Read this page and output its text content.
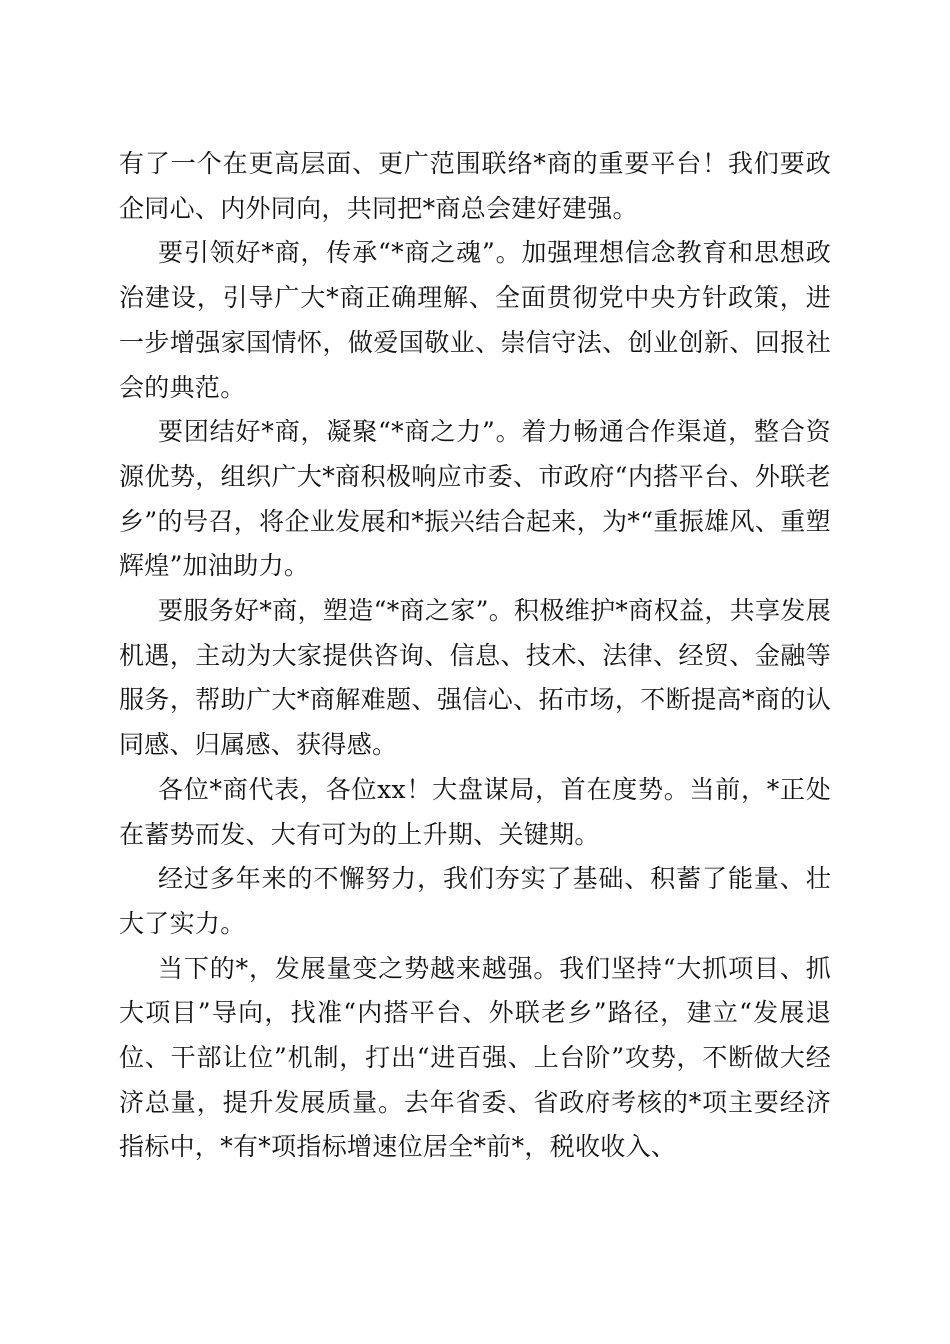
有了一个在更高层面、更广范围联络*商的重要平台！我们要政企同心、内外同向，共同把*商总会建好建强。

要引领好*商，传承“*商之魂”。加强理想信念教育和思想政治建设，引导广大*商正确理解、全面贯彻党中央方针政策，进一步增强家国情怀，做爱国敬业、崇信守法、创业创新、回报社会的典范。

要团结好*商，凝聚“*商之力”。着力畅通合作渠道，整合资源优势，组织广大*商积极响应市委、市政府“内搭平台、外联老乡”的号召，将企业发展和*振兴结合起来，为*“重振雄风、重塑辉煌”加油助力。

要服务好*商，塑造“*商之家”。积极维护*商权益，共享发展机遇，主动为大家提供咨询、信息、技术、法律、经贸、金融等服务，帮助广大*商解难题、强信心、拓市场，不断提高*商的认同感、归属感、获得感。

各位*商代表，各位xx！大盘谋局，首在度势。当前，*正处在蓄势而发、大有可为的上升期、关键期。

经过多年来的不懈努力，我们夯实了基础、积蓄了能量、壮大了实力。

当下的*，发展量变之势越来越强。我们坚持“大抓项目、抓大项目”导向，找准“内搭平台、外联老乡”路径，建立“发展退位、干部让位”机制，打出“进百强、上台阶”攻势，不断做大经济总量，提升发展质量。去年省委、省政府考核的*项主要经济指标中，*有*项指标增速位居全*前*，税收收入、
